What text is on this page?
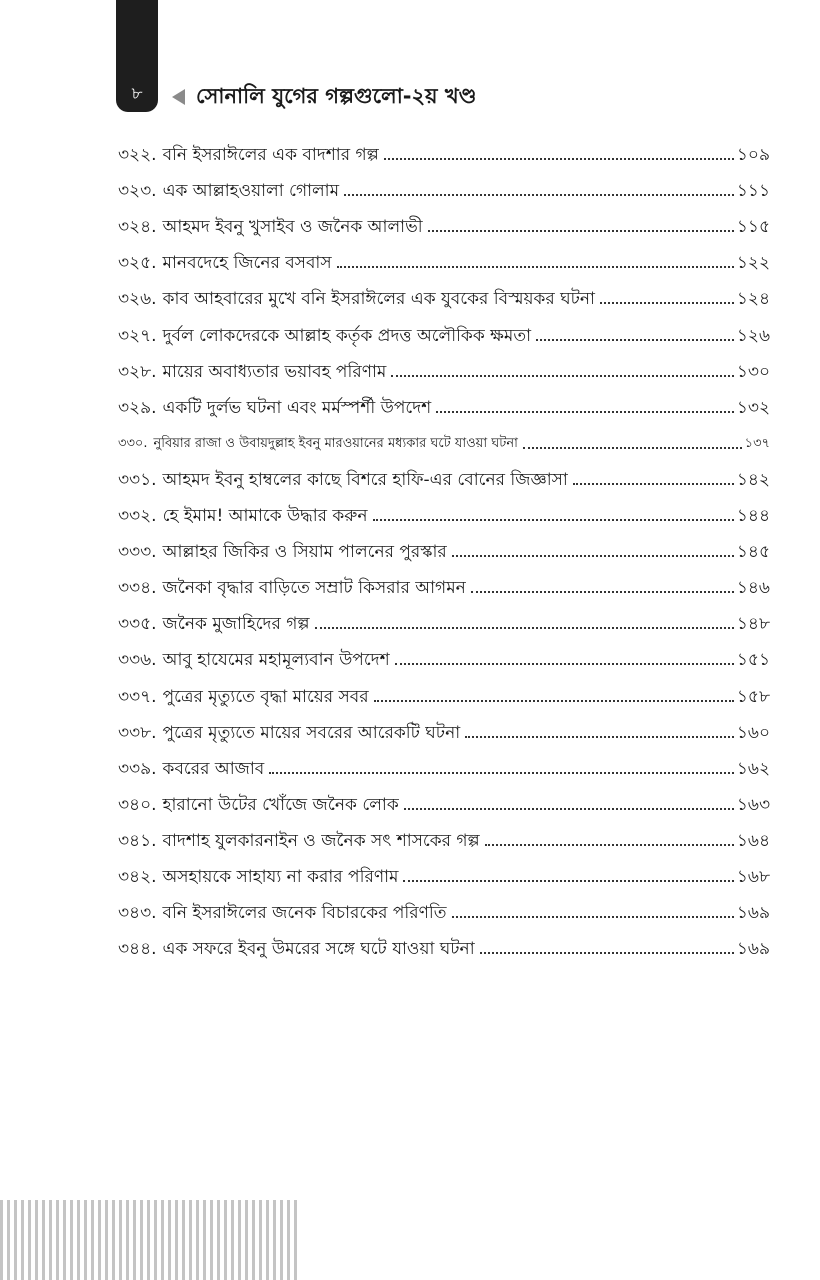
৮	সোনালি যুগের গল্পগুলো-২য় খণ্ড
৩২২. বনি ইসরাঈলের এক বাদশার গল্প	১০৯
৩২৩. এক আল্লাহওয়ালা গোলাম	১১১
৩২৪. আহমদ ইবনু খুসাইব ও জনৈক আলাভী	১১৫
৩২৫. মানবদেহে জিনের বসবাস	১২২
৩২৬. কাব আহবারের মুখে বনি ইসরাঈলের এক যুবকের বিস্ময়কর ঘটনা	১২৪
৩২৭. দুর্বল লোকদেরকে আল্লাহ কর্তৃক প্রদত্ত অলৌকিক ক্ষমতা	১২৬
৩২৮. মায়ের অবাধ্যতার ভয়াবহ পরিণাম	১৩০
৩২৯. একটি দুর্লভ ঘটনা এবং মর্মস্পর্শী উপদেশ	১৩২
৩৩০. নুবিয়ার রাজা ও উবায়দুল্লাহ ইবনু মারওয়ানের মধ্যকার ঘটে যাওয়া ঘটনা	১৩৭
৩৩১. আহমদ ইবনু হাম্বলের কাছে বিশরে হাফি-এর বোনের জিজ্ঞাসা	১৪২
৩৩২. হে ইমাম! আমাকে উদ্ধার করুন	১৪৪
৩৩৩. আল্লাহর জিকির ও সিয়াম পালনের পুরস্কার	১৪৫
৩৩৪. জনৈকা বৃদ্ধার বাড়িতে সম্রাট কিসরার আগমন	১৪৬
৩৩৫. জনৈক মুজাহিদের গল্প	১৪৮
৩৩৬. আবু হাযেমের মহামূল্যবান উপদেশ	১৫১
৩৩৭. পুত্রের মৃত্যুতে বৃদ্ধা মায়ের সবর	১৫৮
৩৩৮. পুত্রের মৃত্যুতে মায়ের সবরের আরেকটি ঘটনা	১৬০
৩৩৯. কবরের আজাব	১৬২
৩৪০. হারানো উটের খোঁজে জনৈক লোক	১৬৩
৩৪১. বাদশাহ যুলকারনাইন ও জনৈক সৎ শাসকের গল্প	১৬৪
৩৪২. অসহায়কে সাহায্য না করার পরিণাম	১৬৮
৩৪৩. বনি ইসরাঈলের জনেক বিচারকের পরিণতি	১৬৯
৩৪৪. এক সফরে ইবনু উমরের সঙ্গে ঘটে যাওয়া ঘটনা	১৬৯
